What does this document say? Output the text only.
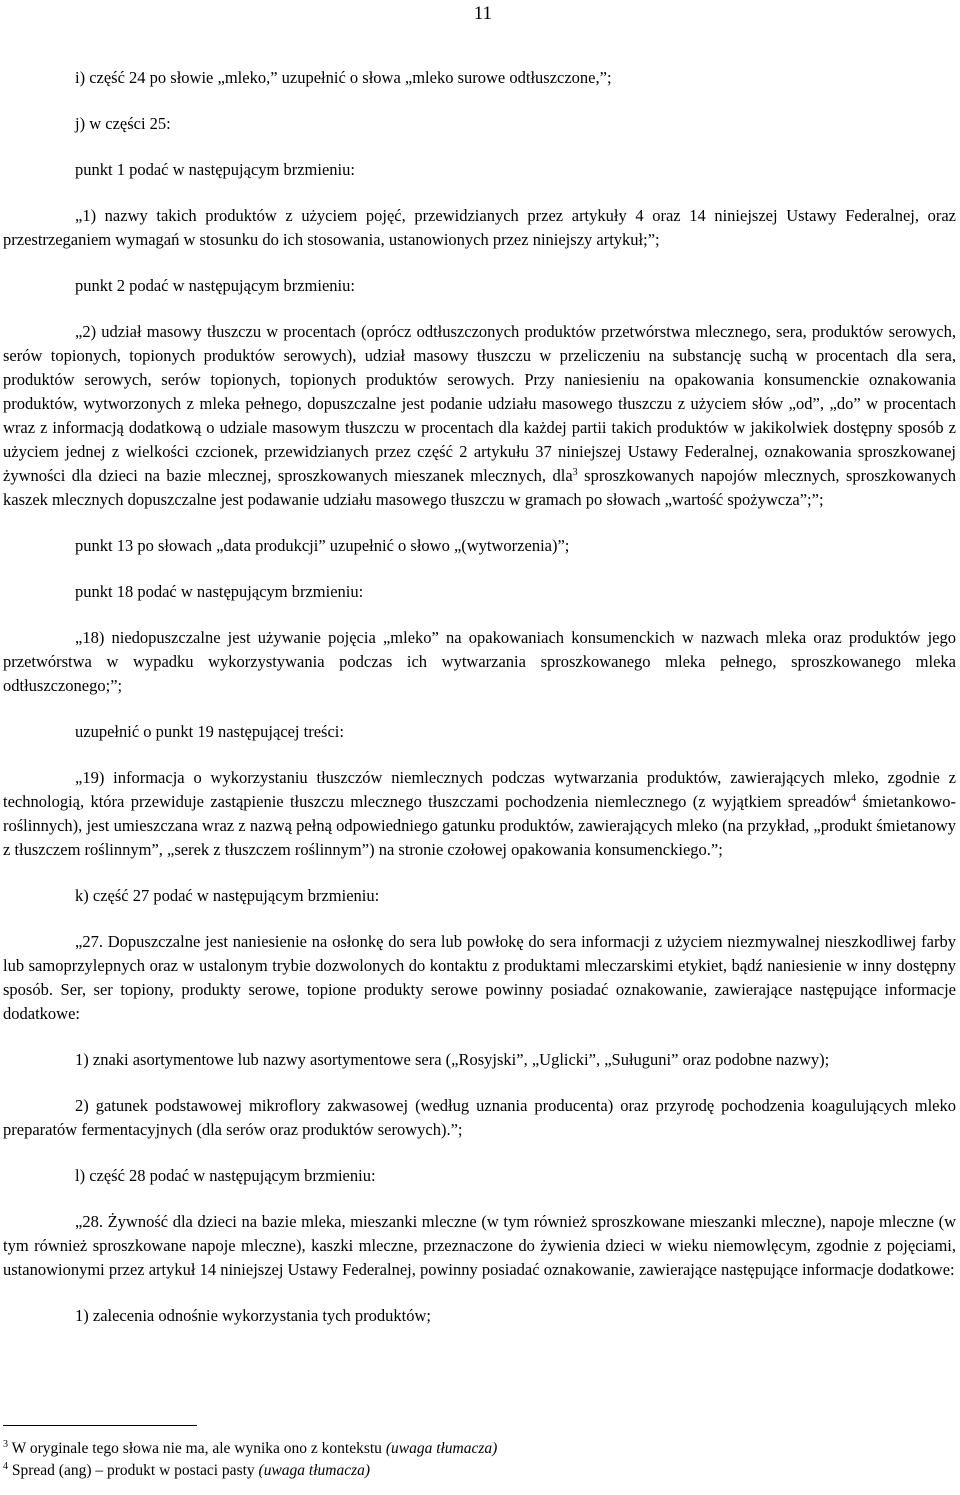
11

i) część 24 po słowie „mleko,” uzupełnić o słowa „mleko surowe odtłuszczone,”;

j) w części 25:

punkt 1 podać w następującym brzmieniu:

„1) nazwy takich produktów z użyciem pojęć, przewidzianych przez artykuły 4 oraz 14 niniejszej Ustawy Federalnej, oraz przestrzeganiem wymagań w stosunku do ich stosowania, ustanowionych przez niniejszy artykuł;”;

punkt 2 podać w następującym brzmieniu:

„2) udział masowy tłuszczu w procentach (oprócz odtłuszczonych produktów przetwórstwa mlecznego, sera, produktów serowych, serów topionych, topionych produktów serowych), udział masowy tłuszczu w przeliczeniu na substancję suchą w procentach dla sera, produktów serowych, serów topionych, topionych produktów serowych. Przy naniesieniu na opakowania konsumenckie oznakowania produktów, wytworzonych z mleka pełnego, dopuszczalne jest podanie udziału masowego tłuszczu z użyciem słów „od”, „do” w procentach wraz z informacją dodatkową o udziale masowym tłuszczu w procentach dla każdej partii takich produktów w jakikolwiek dostępny sposób z użyciem jednej z wielkości czcionek, przewidzianych przez część 2 artykułu 37 niniejszej Ustawy Federalnej, oznakowania sproszkowanej żywności dla dzieci na bazie mlecznej, sproszkowanych mieszanek mlecznych, dla$^3$ sproszkowanych napojów mlecznych, sproszkowanych kaszek mlecznych dopuszczalne jest podawanie udziału masowego tłuszczu w gramach po słowach „wartość spożywcza”;”;

punkt 13 po słowach „data produkcji” uzupełnić o słowo „(wytworzenia)”;

punkt 18 podać w następującym brzmieniu:

„18) niedopuszczalne jest używanie pojęcia „mleko” na opakowaniach konsumenckich w nazwach mleka oraz produktów jego przetwórstwa w wypadku wykorzystywania podczas ich wytwarzania sproszkowanego mleka pełnego, sproszkowanego mleka odtłuszczonego;”;

uzupełnić o punkt 19 następującej treści:

„19) informacja o wykorzystaniu tłuszczów niemlecznych podczas wytwarzania produktów, zawierających mleko, zgodnie z technologią, która przewiduje zastąpienie tłuszczu mlecznego tłuszczami pochodzenia niemlecznego (z wyjątkiem spreadów$^4$ śmietankowo-roślinnych), jest umieszczana wraz z nazwą pełną odpowiedniego gatunku produktów, zawierających mleko (na przykład, „produkt śmietanowy z tłuszczem roślinnym”, „serek z tłuszczem roślinnym”) na stronie czołowej opakowania konsumenckiego.”;

k) część 27 podać w następującym brzmieniu:

„27. Dopuszczalne jest naniesienie na osłonkę do sera lub powłokę do sera informacji z użyciem niezmywalnej nieszkodliwej farby lub samoprzylepnych oraz w ustalonym trybie dozwolonych do kontaktu z produktami mleczarskimi etykiet, bądź naniesienie w inny dostępny sposób. Ser, ser topiony, produkty serowe, topione produkty serowe powinny posiadać oznakowanie, zawierające następujące informacje dodatkowe:

1) znaki asortymentowe lub nazwy asortymentowe sera („Rosyjski”, „Uglicki”, „Suługuni” oraz podobne nazwy);

2) gatunek podstawowej mikroflory zakwasowej (według uznania producenta) oraz przyrodę pochodzenia koagulujących mleko preparatów fermentacyjnych (dla serów oraz produktów serowych).”;

l) część 28 podać w następującym brzmieniu:

„28. Żywność dla dzieci na bazie mleka, mieszanki mleczne (w tym również sproszkowane mieszanki mleczne), napoje mleczne (w tym również sproszkowane napoje mleczne), kaszki mleczne, przeznaczone do żywienia dzieci w wieku niemowlęcym, zgodnie z pojęciami, ustanowionymi przez artykuł 14 niniejszej Ustawy Federalnej, powinny posiadać oznakowanie, zawierające następujące informacje dodatkowe:

1) zalecenia odnośnie wykorzystania tych produktów;

$^3$ W oryginale tego słowa nie ma, ale wynika ono z kontekstu (uwaga tłumacza)

$^4$ Spread (ang) – produkt w postaci pasty (uwaga tłumacza)
